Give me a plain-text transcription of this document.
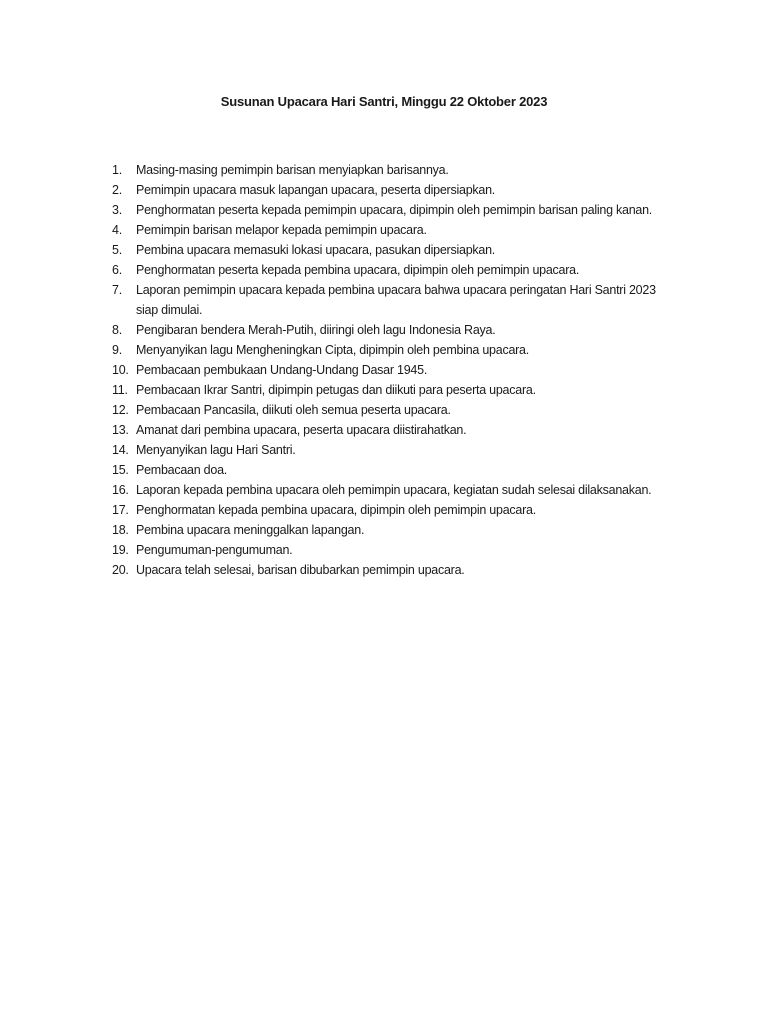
Susunan Upacara Hari Santri, Minggu 22 Oktober 2023
1.	Masing-masing pemimpin barisan menyiapkan barisannya.
2.	Pemimpin upacara masuk lapangan upacara, peserta dipersiapkan.
3.	Penghormatan peserta kepada pemimpin upacara, dipimpin oleh pemimpin barisan paling kanan.
4.	Pemimpin barisan melapor kepada pemimpin upacara.
5.	Pembina upacara memasuki lokasi upacara, pasukan dipersiapkan.
6.	Penghormatan peserta kepada pembina upacara, dipimpin oleh pemimpin upacara.
7.	Laporan pemimpin upacara kepada pembina upacara bahwa upacara peringatan Hari Santri 2023 siap dimulai.
8.	Pengibaran bendera Merah-Putih, diiringi oleh lagu Indonesia Raya.
9.	Menyanyikan lagu Mengheningkan Cipta, dipimpin oleh pembina upacara.
10. Pembacaan pembukaan Undang-Undang Dasar 1945.
11. Pembacaan Ikrar Santri, dipimpin petugas dan diikuti para peserta upacara.
12. Pembacaan Pancasila, diikuti oleh semua peserta upacara.
13. Amanat dari pembina upacara, peserta upacara diistirahatkan.
14. Menyanyikan lagu Hari Santri.
15. Pembacaan doa.
16. Laporan kepada pembina upacara oleh pemimpin upacara, kegiatan sudah selesai dilaksanakan.
17. Penghormatan kepada pembina upacara, dipimpin oleh pemimpin upacara.
18. Pembina upacara meninggalkan lapangan.
19. Pengumuman-pengumuman.
20. Upacara telah selesai, barisan dibubarkan pemimpin upacara.
